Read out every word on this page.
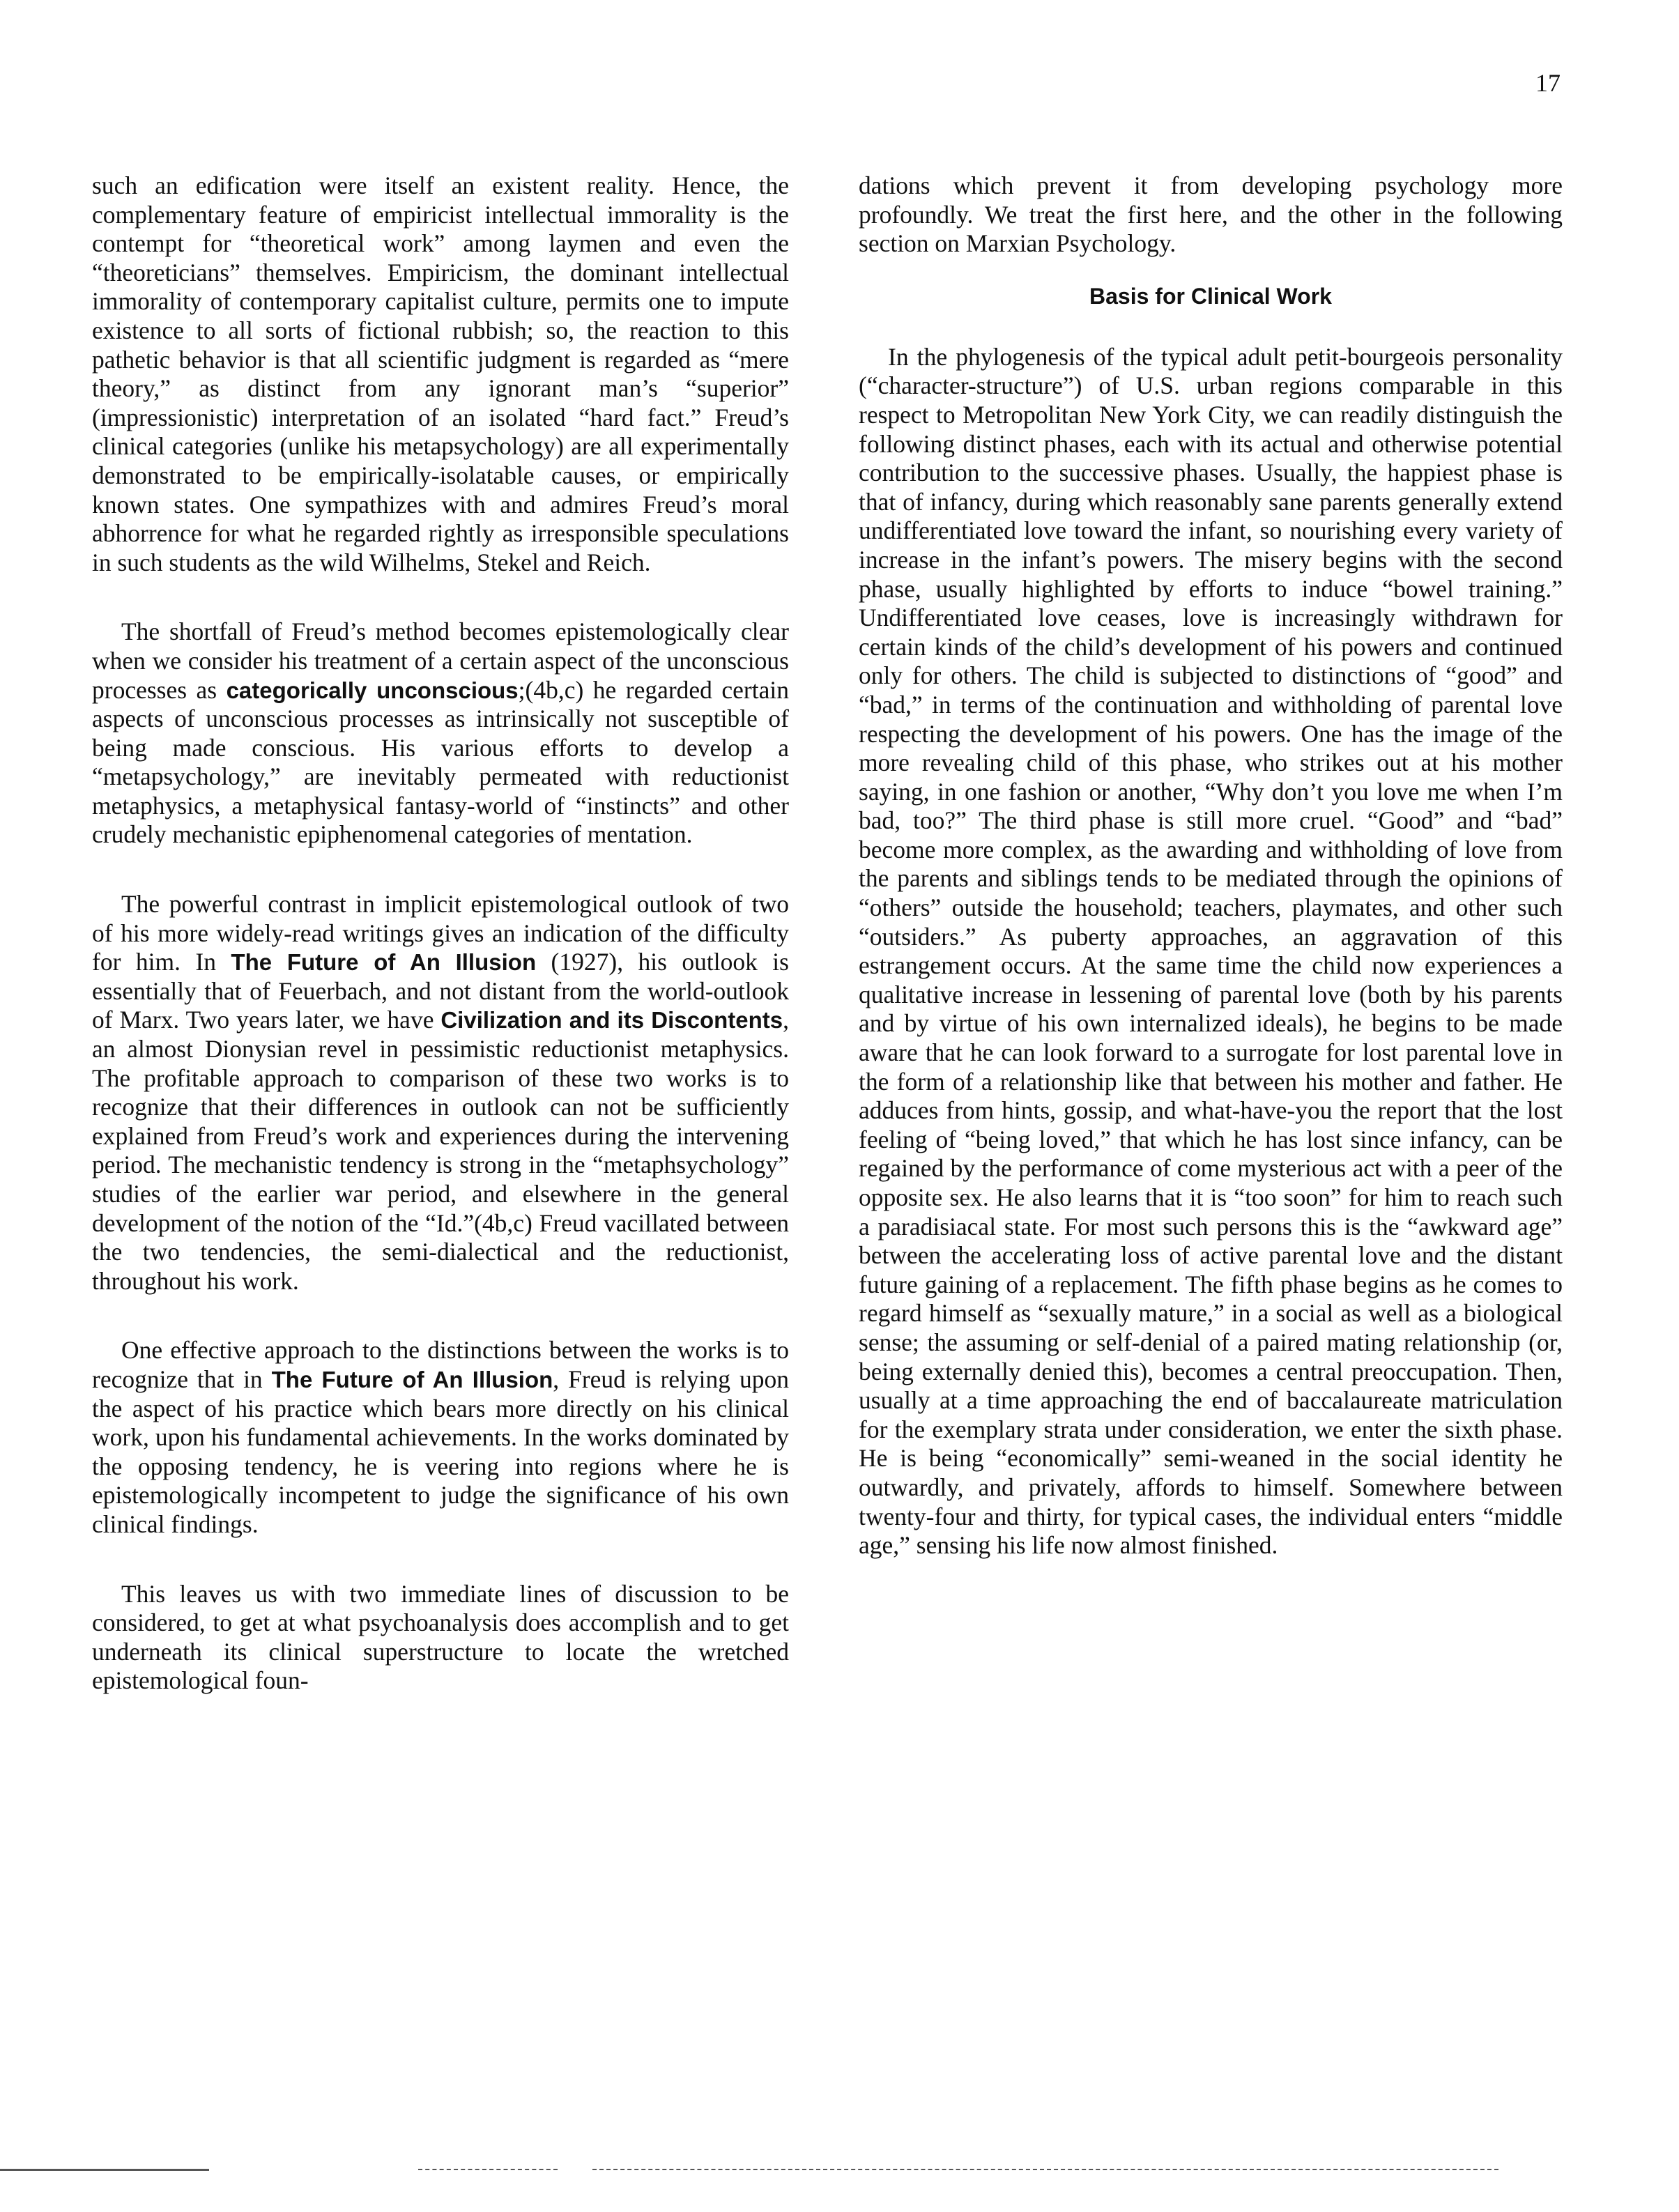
17

such an edification were itself an existent reality. Hence, the complementary feature of empiricist intellectual immorality is the contempt for “theoretical work” among laymen and even the “theoreticians” themselves. Empiricism, the dominant intellectual immorality of contemporary capitalist culture, permits one to impute existence to all sorts of fictional rubbish; so, the reaction to this pathetic behavior is that all scientific judgment is regarded as “mere theory,” as distinct from any ignorant man’s “superior” (impressionistic) interpretation of an isolated “hard fact.” Freud’s clinical categories (unlike his metapsychology) are all experimentally demonstrated to be empirically-isolatable causes, or empirically known states. One sympathizes with and admires Freud’s moral abhorrence for what he regarded rightly as irresponsible speculations in such students as the wild Wilhelms, Stekel and Reich.

The shortfall of Freud’s method becomes epistemologically clear when we consider his treatment of a certain aspect of the unconscious processes as categorically unconscious;(4b,c) he regarded certain aspects of unconscious processes as intrinsically not susceptible of being made conscious. His various efforts to develop a “metapsychology,” are inevitably permeated with reductionist metaphysics, a metaphysical fantasy-world of “instincts” and other crudely mechanistic epiphenomenal categories of mentation.

The powerful contrast in implicit epistemological outlook of two of his more widely-read writings gives an indication of the difficulty for him. In The Future of An Illusion (1927), his outlook is essentially that of Feuerbach, and not distant from the world-outlook of Marx. Two years later, we have Civilization and its Discontents, an almost Dionysian revel in pessimistic reductionist metaphysics. The profitable approach to comparison of these two works is to recognize that their differences in outlook can not be sufficiently explained from Freud’s work and experiences during the intervening period. The mechanistic tendency is strong in the “metaphsychology” studies of the earlier war period, and elsewhere in the general development of the notion of the “Id.”(4b,c) Freud vacillated between the two tendencies, the semi-dialectical and the reductionist, throughout his work.

One effective approach to the distinctions between the works is to recognize that in The Future of An Illusion, Freud is relying upon the aspect of his practice which bears more directly on his clinical work, upon his fundamental achievements. In the works dominated by the opposing tendency, he is veering into regions where he is epistemologically incompetent to judge the significance of his own clinical findings.

This leaves us with two immediate lines of discussion to be considered, to get at what psychoanalysis does accomplish and to get underneath its clinical superstructure to locate the wretched epistemological foun-

dations which prevent it from developing psychology more profoundly. We treat the first here, and the other in the following section on Marxian Psychology.

Basis for Clinical Work

In the phylogenesis of the typical adult petit-bourgeois personality (“character-structure”) of U.S. urban regions comparable in this respect to Metropolitan New York City, we can readily distinguish the following distinct phases, each with its actual and otherwise potential contribution to the successive phases. Usually, the happiest phase is that of infancy, during which reasonably sane parents generally extend undifferentiated love toward the infant, so nourishing every variety of increase in the infant’s powers. The misery begins with the second phase, usually highlighted by efforts to induce “bowel training.” Undifferentiated love ceases, love is increasingly withdrawn for certain kinds of the child’s development of his powers and continued only for others. The child is subjected to distinctions of “good” and “bad,” in terms of the continuation and withholding of parental love respecting the development of his powers. One has the image of the more revealing child of this phase, who strikes out at his mother saying, in one fashion or another, “Why don’t you love me when I’m bad, too?” The third phase is still more cruel. “Good” and “bad” become more complex, as the awarding and withholding of love from the parents and siblings tends to be mediated through the opinions of “others” outside the household; teachers, playmates, and other such “outsiders.” As puberty approaches, an aggravation of this estrangement occurs. At the same time the child now experiences a qualitative increase in lessening of parental love (both by his parents and by virtue of his own internalized ideals), he begins to be made aware that he can look forward to a surrogate for lost parental love in the form of a relationship like that between his mother and father. He adduces from hints, gossip, and what-have-you the report that the lost feeling of “being loved,” that which he has lost since infancy, can be regained by the performance of come mysterious act with a peer of the opposite sex. He also learns that it is “too soon” for him to reach such a paradisiacal state. For most such persons this is the “awkward age” between the accelerating loss of active parental love and the distant future gaining of a replacement. The fifth phase begins as he comes to regard himself as “sexually mature,” in a social as well as a biological sense; the assuming or self-denial of a paired mating relationship (or, being externally denied this), becomes a central preoccupation. Then, usually at a time approaching the end of baccalaureate matriculation for the exemplary strata under consideration, we enter the sixth phase. He is being “economically” semi-weaned in the social identity he outwardly, and privately, affords to himself. Somewhere between twenty-four and thirty, for typical cases, the individual enters “middle age,” sensing his life now almost finished.
